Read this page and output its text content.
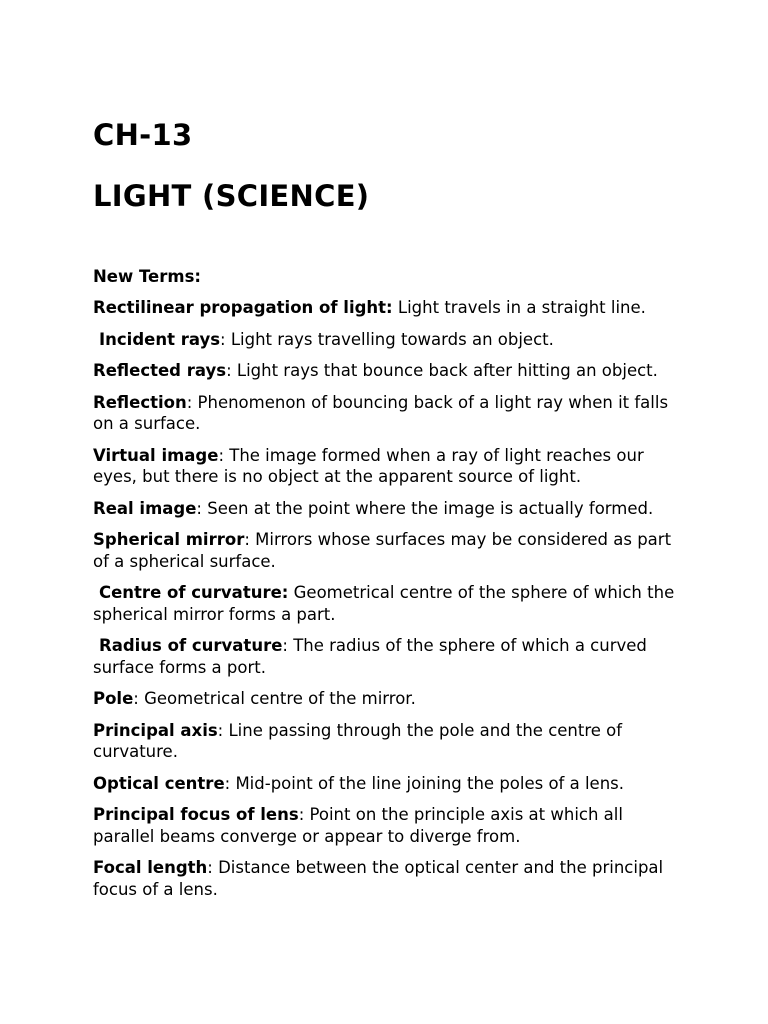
CH-13
LIGHT (SCIENCE)
New Terms:
Rectilinear propagation of light: Light travels in a straight line.
Incident rays: Light rays travelling towards an object.
Reflected rays: Light rays that bounce back after hitting an object.
Reflection: Phenomenon of bouncing back of a light ray when it falls on a surface.
Virtual image: The image formed when a ray of light reaches our eyes, but there is no object at the apparent source of light.
Real image: Seen at the point where the image is actually formed.
Spherical mirror: Mirrors whose surfaces may be considered as part of a spherical surface.
Centre of curvature: Geometrical centre of the sphere of which the spherical mirror forms a part.
Radius of curvature: The radius of the sphere of which a curved surface forms a port.
Pole: Geometrical centre of the mirror.
Principal axis: Line passing through the pole and the centre of curvature.
Optical centre: Mid-point of the line joining the poles of a lens.
Principal focus of lens: Point on the principle axis at which all parallel beams converge or appear to diverge from.
Focal length: Distance between the optical center and the principal focus of a lens.
